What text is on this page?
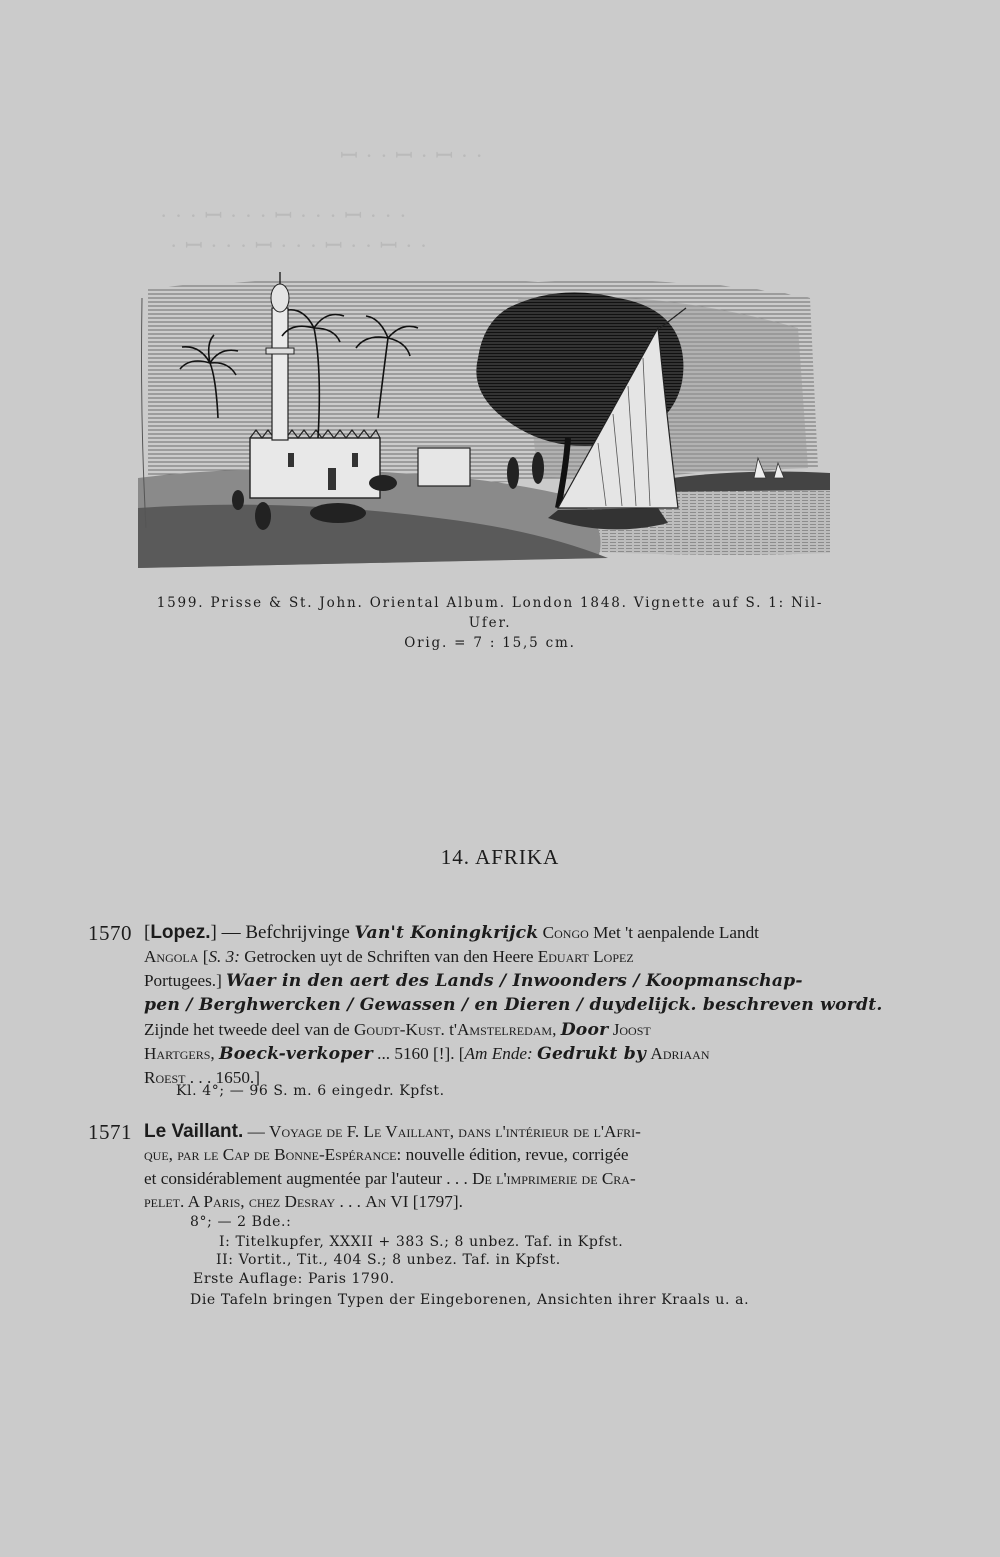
ꟷ · · ꟷ · ꟷ · ·
· · · ꟷ · · · ꟷ · · · ꟷ · · ·
· ꟷ · · · ꟷ · · · ꟷ · · ꟷ · ·
1599. Prisse & St. John. Oriental Album. London 1848. Vignette auf S. 1: Nil-Ufer.
Orig. = 7 : 15,5 cm.
14. AFRIKA
1570 [Lopez.] — Befchrijvinge Van't Koningkrijck Congo Met 't aenpalende Landt
Angola [S. 3: Getrocken uyt de Schriften van den Heere Eduart Lopez
Portugees.] Waer in den aert des Lands / Inwoonders / Koopmanschap-
pen / Berghwercken / Gewassen / en Dieren / duydelijck. beschreven wordt.
Zijnde het tweede deel van de Goudt-Kust. t'Amstelredam, Door Joost
Hartgers, Boeck-verkoper ... 5160 [!]. [Am Ende: Gedrukt by Adriaan
Roest . . . 1650.]
Kl. 4°; — 96 S. m. 6 eingedr. Kpfst.
1571 Le Vaillant. — Voyage de F. Le Vaillant, dans l'intérieur de l'Afri-
que, par le Cap de Bonne-Espérance: nouvelle édition, revue, corrigée
et considérablement augmentée par l'auteur . . . De l'imprimerie de Cra-
pelet. A Paris, chez Desray . . . An VI [1797].
8°; — 2 Bde.:
I: Titelkupfer, XXXII + 383 S.; 8 unbez. Taf. in Kpfst.
II: Vortit., Tit., 404 S.; 8 unbez. Taf. in Kpfst.
Erste Auflage: Paris 1790.
Die Tafeln bringen Typen der Eingeborenen, Ansichten ihrer Kraals u. a.
